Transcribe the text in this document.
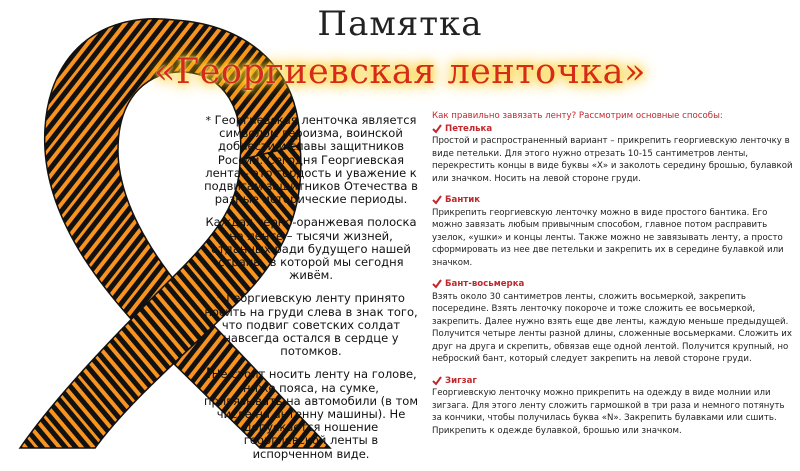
Памятка
«Георгиевская ленточка»

* Георгиевская ленточка является символом героизма, воинской доблести и славы защитников России. Сегодня Георгиевская лента - это гордость и уважение к подвигам защитников Отечества в разные исторические периоды.

Каждая чёрно-оранжевая полоска на ленте – тысячи жизней, отданных ради будущего нашей страны, в которой мы сегодня живём.

* Георгиевскую ленту принято носить на груди слева в знак того, что подвиг советских солдат навсегда остался в сердце у потомков.

!Не стоит носить ленту на голове, ниже пояса, на сумке, привязывать на автомобили (в том числе на антенну машины). Не допускается ношение георгиевской ленты в испорченном виде.

Как правильно завязать ленту? Рассмотрим основные способы:
Петелька

Простой и распространенный вариант – прикрепить георгиевскую ленточку в виде петельки. Для этого нужно отрезать 10-15 сантиметров ленты, перекрестить концы в виде буквы «Х» и заколоть середину брошью, булавкой или значком. Носить на левой стороне груди.

Бантик

Прикрепить георгиевскую ленточку можно в виде простого бантика. Его можно завязать любым привычным способом, главное потом расправить узелок, «ушки» и концы ленты. Также можно не завязывать ленту, а просто сформировать из нее две петельки и закрепить их в середине булавкой или значком.

Бант-восьмерка

Взять около 30 сантиметров ленты, сложить восьмеркой, закрепить посередине. Взять ленточку покороче и тоже сложить ее восьмеркой, закрепить. Далее нужно взять еще две ленты, каждую меньше предыдущей. Получится четыре ленты разной длины, сложенные восьмерками. Сложить их друг на друга и скрепить, обвязав еще одной лентой. Получится крупный, но неброский бант, который следует закрепить на левой стороне груди.

Зигзаг

Георгиевскую ленточку можно прикрепить на одежду в виде молнии или зигзага. Для этого ленту сложить гармошкой в три раза и немного потянуть за кончики, чтобы получилась буква «N». Закрепить булавками или сшить. Прикрепить к одежде булавкой, брошью или значком.
